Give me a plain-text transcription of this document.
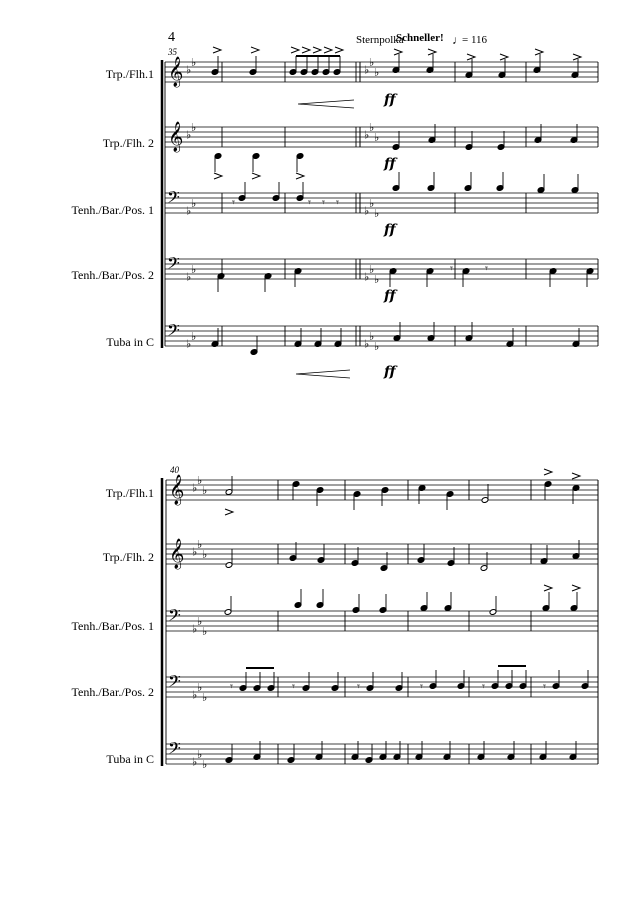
𝄞 ♭
♭
♭
♭
♭
𝄞 ♭
♭
♭
♭
♭
𝄢 ♭
♭
♭
♭
♭
𝄢 ♭
♭
♭
♭
♭
𝄢 ♭
♭
♭
♭
♭
𝄾	𝄾 𝄾 𝄾
𝄾	𝄾
𝄞 ♭
♭
♭
𝄞 ♭
♭
♭
𝄢 ♭
♭
♭
𝄢 ♭
♭
♭
𝄢 ♭
♭
♭
𝄾	𝄾	𝄾	𝄾	𝄾	𝄾
4	Sternpolka
Schneller! ♩
= 116
35
Trp./Flh.1
Trp./Flh. 2
Tenh./Bar./Pos. 1
Tenh./Bar./Pos. 2
Tuba in C
ff
ff
ff
ff
ff
40
Trp./Flh.1
Trp./Flh. 2
Tenh./Bar./Pos. 1
Tenh./Bar./Pos. 2
Tuba in C
